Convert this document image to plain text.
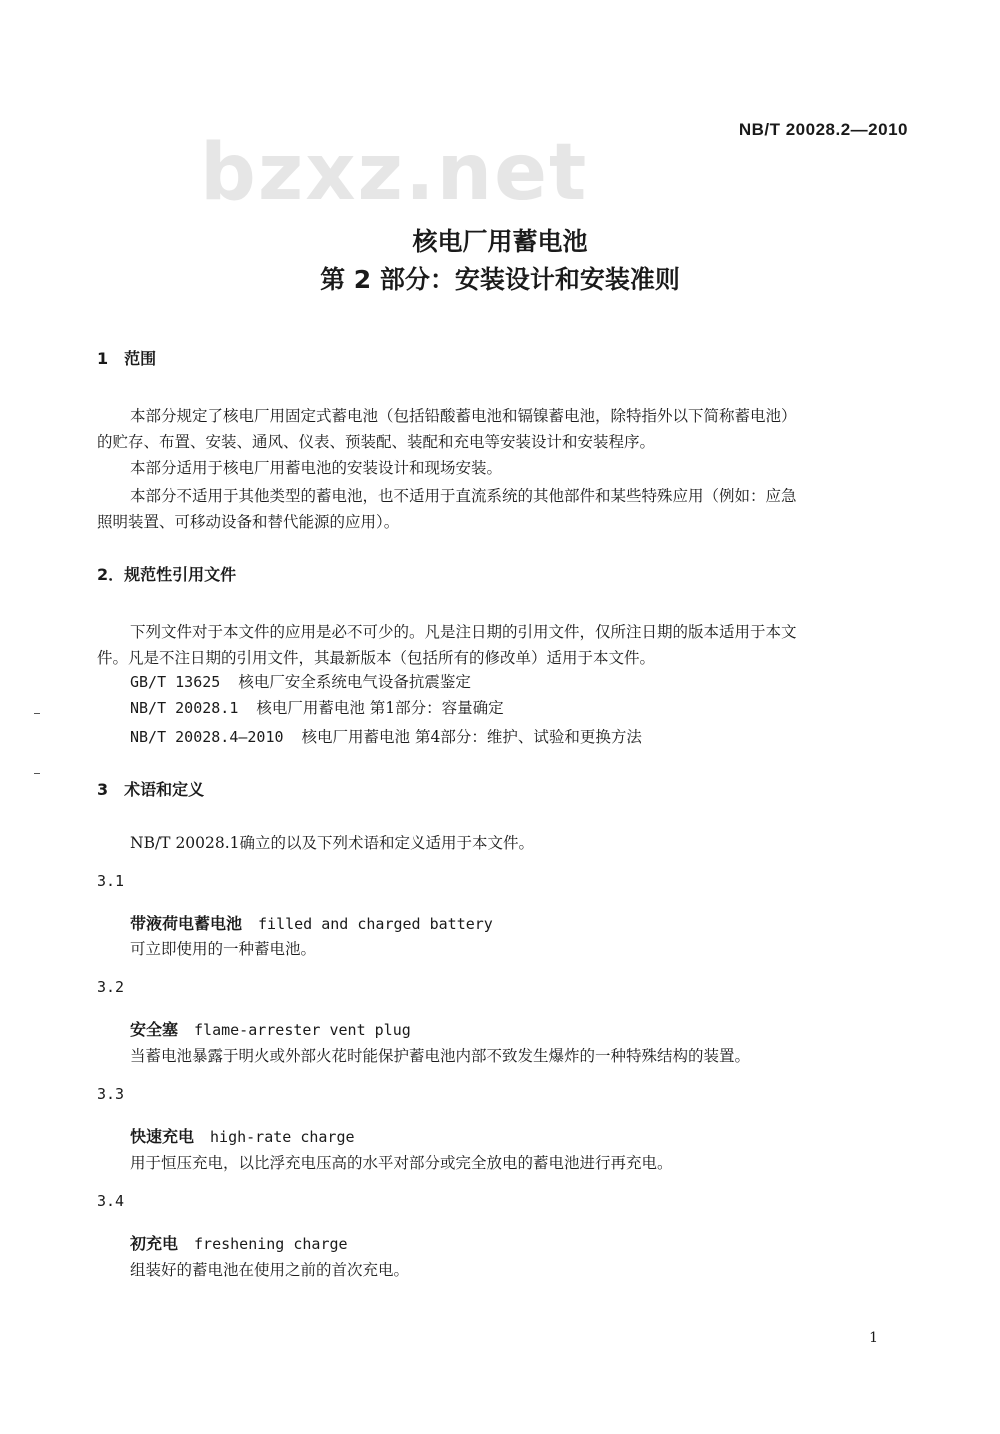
NB/T 20028.2—2010
bzxz.net
核电厂用蓄电池
第 2 部分：安装设计和安装准则
1　范围
本部分规定了核电厂用固定式蓄电池（包括铅酸蓄电池和镉镍蓄电池，除特指外以下简称蓄电池）
的贮存、布置、安装、通风、仪表、预装配、装配和充电等安装设计和安装程序。
本部分适用于核电厂用蓄电池的安装设计和现场安装。
本部分不适用于其他类型的蓄电池，也不适用于直流系统的其他部件和某些特殊应用（例如：应急
照明装置、可移动设备和替代能源的应用）。
2．规范性引用文件
下列文件对于本文件的应用是必不可少的。凡是注日期的引用文件，仅所注日期的版本适用于本文
件。凡是不注日期的引用文件，其最新版本（包括所有的修改单）适用于本文件。
GB/T 13625 核电厂安全系统电气设备抗震鉴定
NB/T 20028.1 核电厂用蓄电池 第1部分：容量确定
NB/T 20028.4—2010 核电厂用蓄电池 第4部分：维护、试验和更换方法
3　术语和定义
NB/T 20028.1确立的以及下列术语和定义适用于本文件。
3.1
带液荷电蓄电池 filled and charged battery
可立即使用的一种蓄电池。
3.2
安全塞 flame-arrester vent plug
当蓄电池暴露于明火或外部火花时能保护蓄电池内部不致发生爆炸的一种特殊结构的装置。
3.3
快速充电 high-rate charge
用于恒压充电，以比浮充电压高的水平对部分或完全放电的蓄电池进行再充电。
3.4
初充电 freshening charge
组装好的蓄电池在使用之前的首次充电。
1
